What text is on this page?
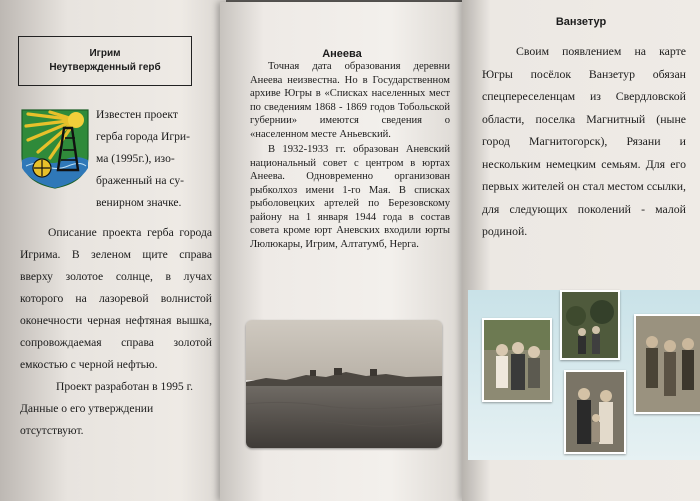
Игрим
Неутвержденный герб
Известен проект
герба города Игри-
ма (1995г.), изо-
браженный на су-
венирном значке.
Описание проекта герба города Игрима. В зеленом щите справа вверху золотое солнце, в лучах которого на лазоревой волнистой оконечности черная нефтяная вышка, сопровождаемая справа золотой емкостью с черной нефтью.
Проект разработан в 1995 г. Данные о его утверждении отсутствуют.
Анеева

Точная дата образования деревни Анеева неизвестна. Но в Государственном архиве Югры в «Списках населенных мест по сведениям 1868 - 1869 годов Тобольской губернии» имеются сведения о «населенном месте Аньевский.

В 1932-1933 гг. образован Аневский национальный совет с центром в юртах Анеева. Одновременно организован рыбколхоз имени 1-го Мая. В списках рыболовецких артелей по Березовскому району на 1 января 1944 года в состав совета кроме юрт Аневских входили юрты Люлюкары, Игрим, Алтатумб, Нерга.

Ванзетур
Своим появлением на карте Югры посёлок Ванзетур обязан спецпереселенцам из Свердловской области, поселка Магнитный (ныне город Магнитогорск), Рязани и нескольким немецким семьям. Для его первых жителей он стал местом ссылки, для следующих поколений - малой родиной.
